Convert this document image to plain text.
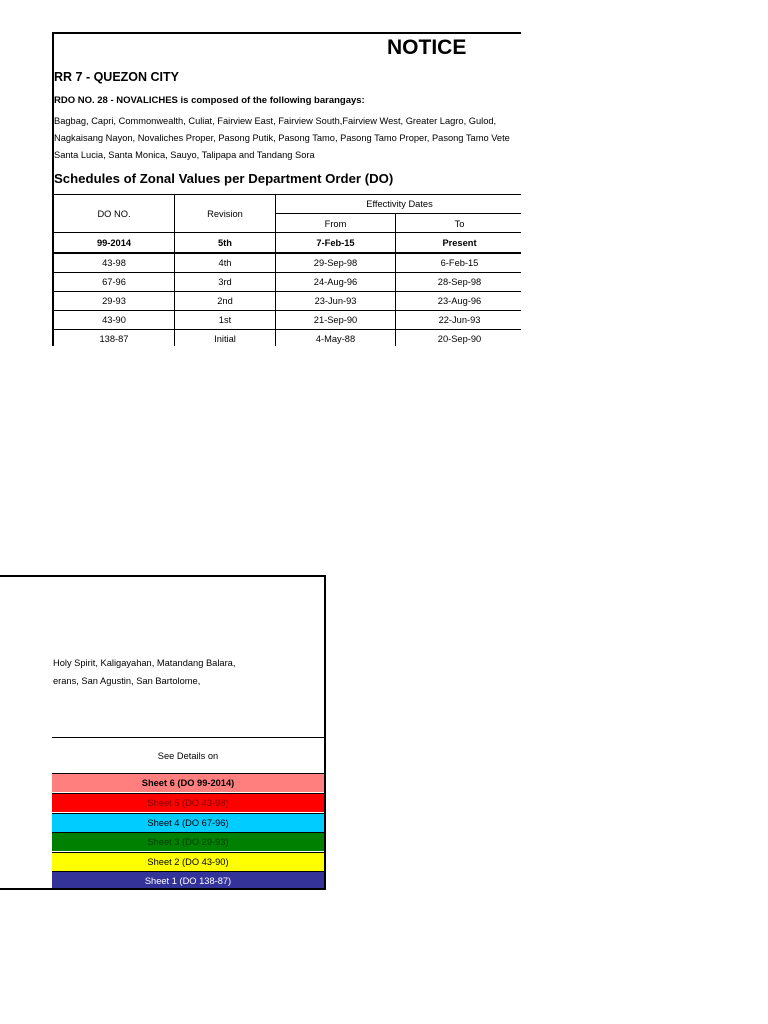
NOTICE
RR 7 - QUEZON CITY
RDO NO. 28 - NOVALICHES is composed of the following barangays:
Bagbag, Capri, Commonwealth, Culiat, Fairview East, Fairview South,Fairview West, Greater Lagro, Gulod,
Nagkaisang Nayon, Novaliches Proper, Pasong Putik, Pasong Tamo, Pasong Tamo Proper, Pasong Tamo Vete
Santa Lucia, Santa Monica, Sauyo, Talipapa and Tandang Sora
Schedules of Zonal Values per Department Order (DO)
DO NO.	Revision
Effectivity Dates
From	To
99-2014	5th	7-Feb-15	Present
43-98	4th	29-Sep-98	6-Feb-15
67-96	3rd	24-Aug-96	28-Sep-98
29-93	2nd	23-Jun-93	23-Aug-96
43-90	1st	21-Sep-90	22-Jun-93
138-87	Initial	4-May-88	20-Sep-90
Holy Spirit, Kaligayahan, Matandang Balara,
erans, San Agustin, San Bartolome,
See Details on
Sheet 6 (DO 99-2014)
Sheet 5 (DO 43-98)
Sheet 4 (DO 67-96)
Sheet 3 (DO 29-93)
Sheet 2 (DO 43-90)
Sheet 1 (DO 138-87)
